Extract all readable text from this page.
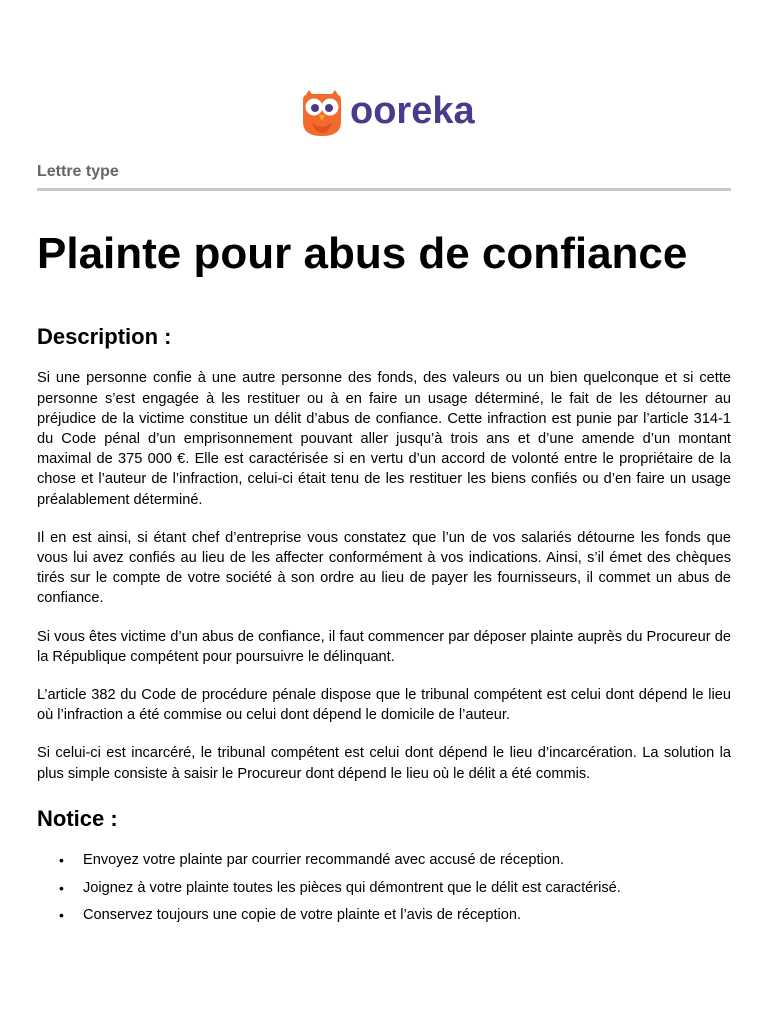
ooreka
Lettre type
Plainte pour abus de confiance
Description :

Si une personne confie à une autre personne des fonds, des valeurs ou un bien quelconque et si cette personne s’est engagée à les restituer ou à en faire un usage déterminé, le fait de les détourner au préjudice de la victime constitue un délit d’abus de confiance. Cette infraction est punie par l’article 314-1 du Code pénal d’un emprisonnement pouvant aller jusqu’à trois ans et d’une amende d’un montant maximal de 375 000 €. Elle est caractérisée si en vertu d’un accord de volonté entre le propriétaire de la chose et l’auteur de l’infraction, celui-ci était tenu de les restituer les biens confiés ou d’en faire un usage préalablement déterminé.

Il en est ainsi, si étant chef d’entreprise vous constatez que l’un de vos salariés détourne les fonds que vous lui avez confiés au lieu de les affecter conformément à vos indications. Ainsi, s’il émet des chèques tirés sur le compte de votre société à son ordre au lieu de payer les fournisseurs, il commet un abus de confiance.

Si vous êtes victime d’un abus de confiance, il faut commencer par déposer plainte auprès du Procureur de la République compétent pour poursuivre le délinquant.

L’article 382 du Code de procédure pénale dispose que le tribunal compétent est celui dont dépend le lieu où l’infraction a été commise ou celui dont dépend le domicile de l’auteur.

Si celui-ci est incarcéré, le tribunal compétent est celui dont dépend le lieu d’incarcération. La solution la plus simple consiste à saisir le Procureur dont dépend le lieu où le délit a été commis.

Notice :
• Envoyez votre plainte par courrier recommandé avec accusé de réception.
• Joignez à votre plainte toutes les pièces qui démontrent que le délit est caractérisé.
• Conservez toujours une copie de votre plainte et l’avis de réception.
